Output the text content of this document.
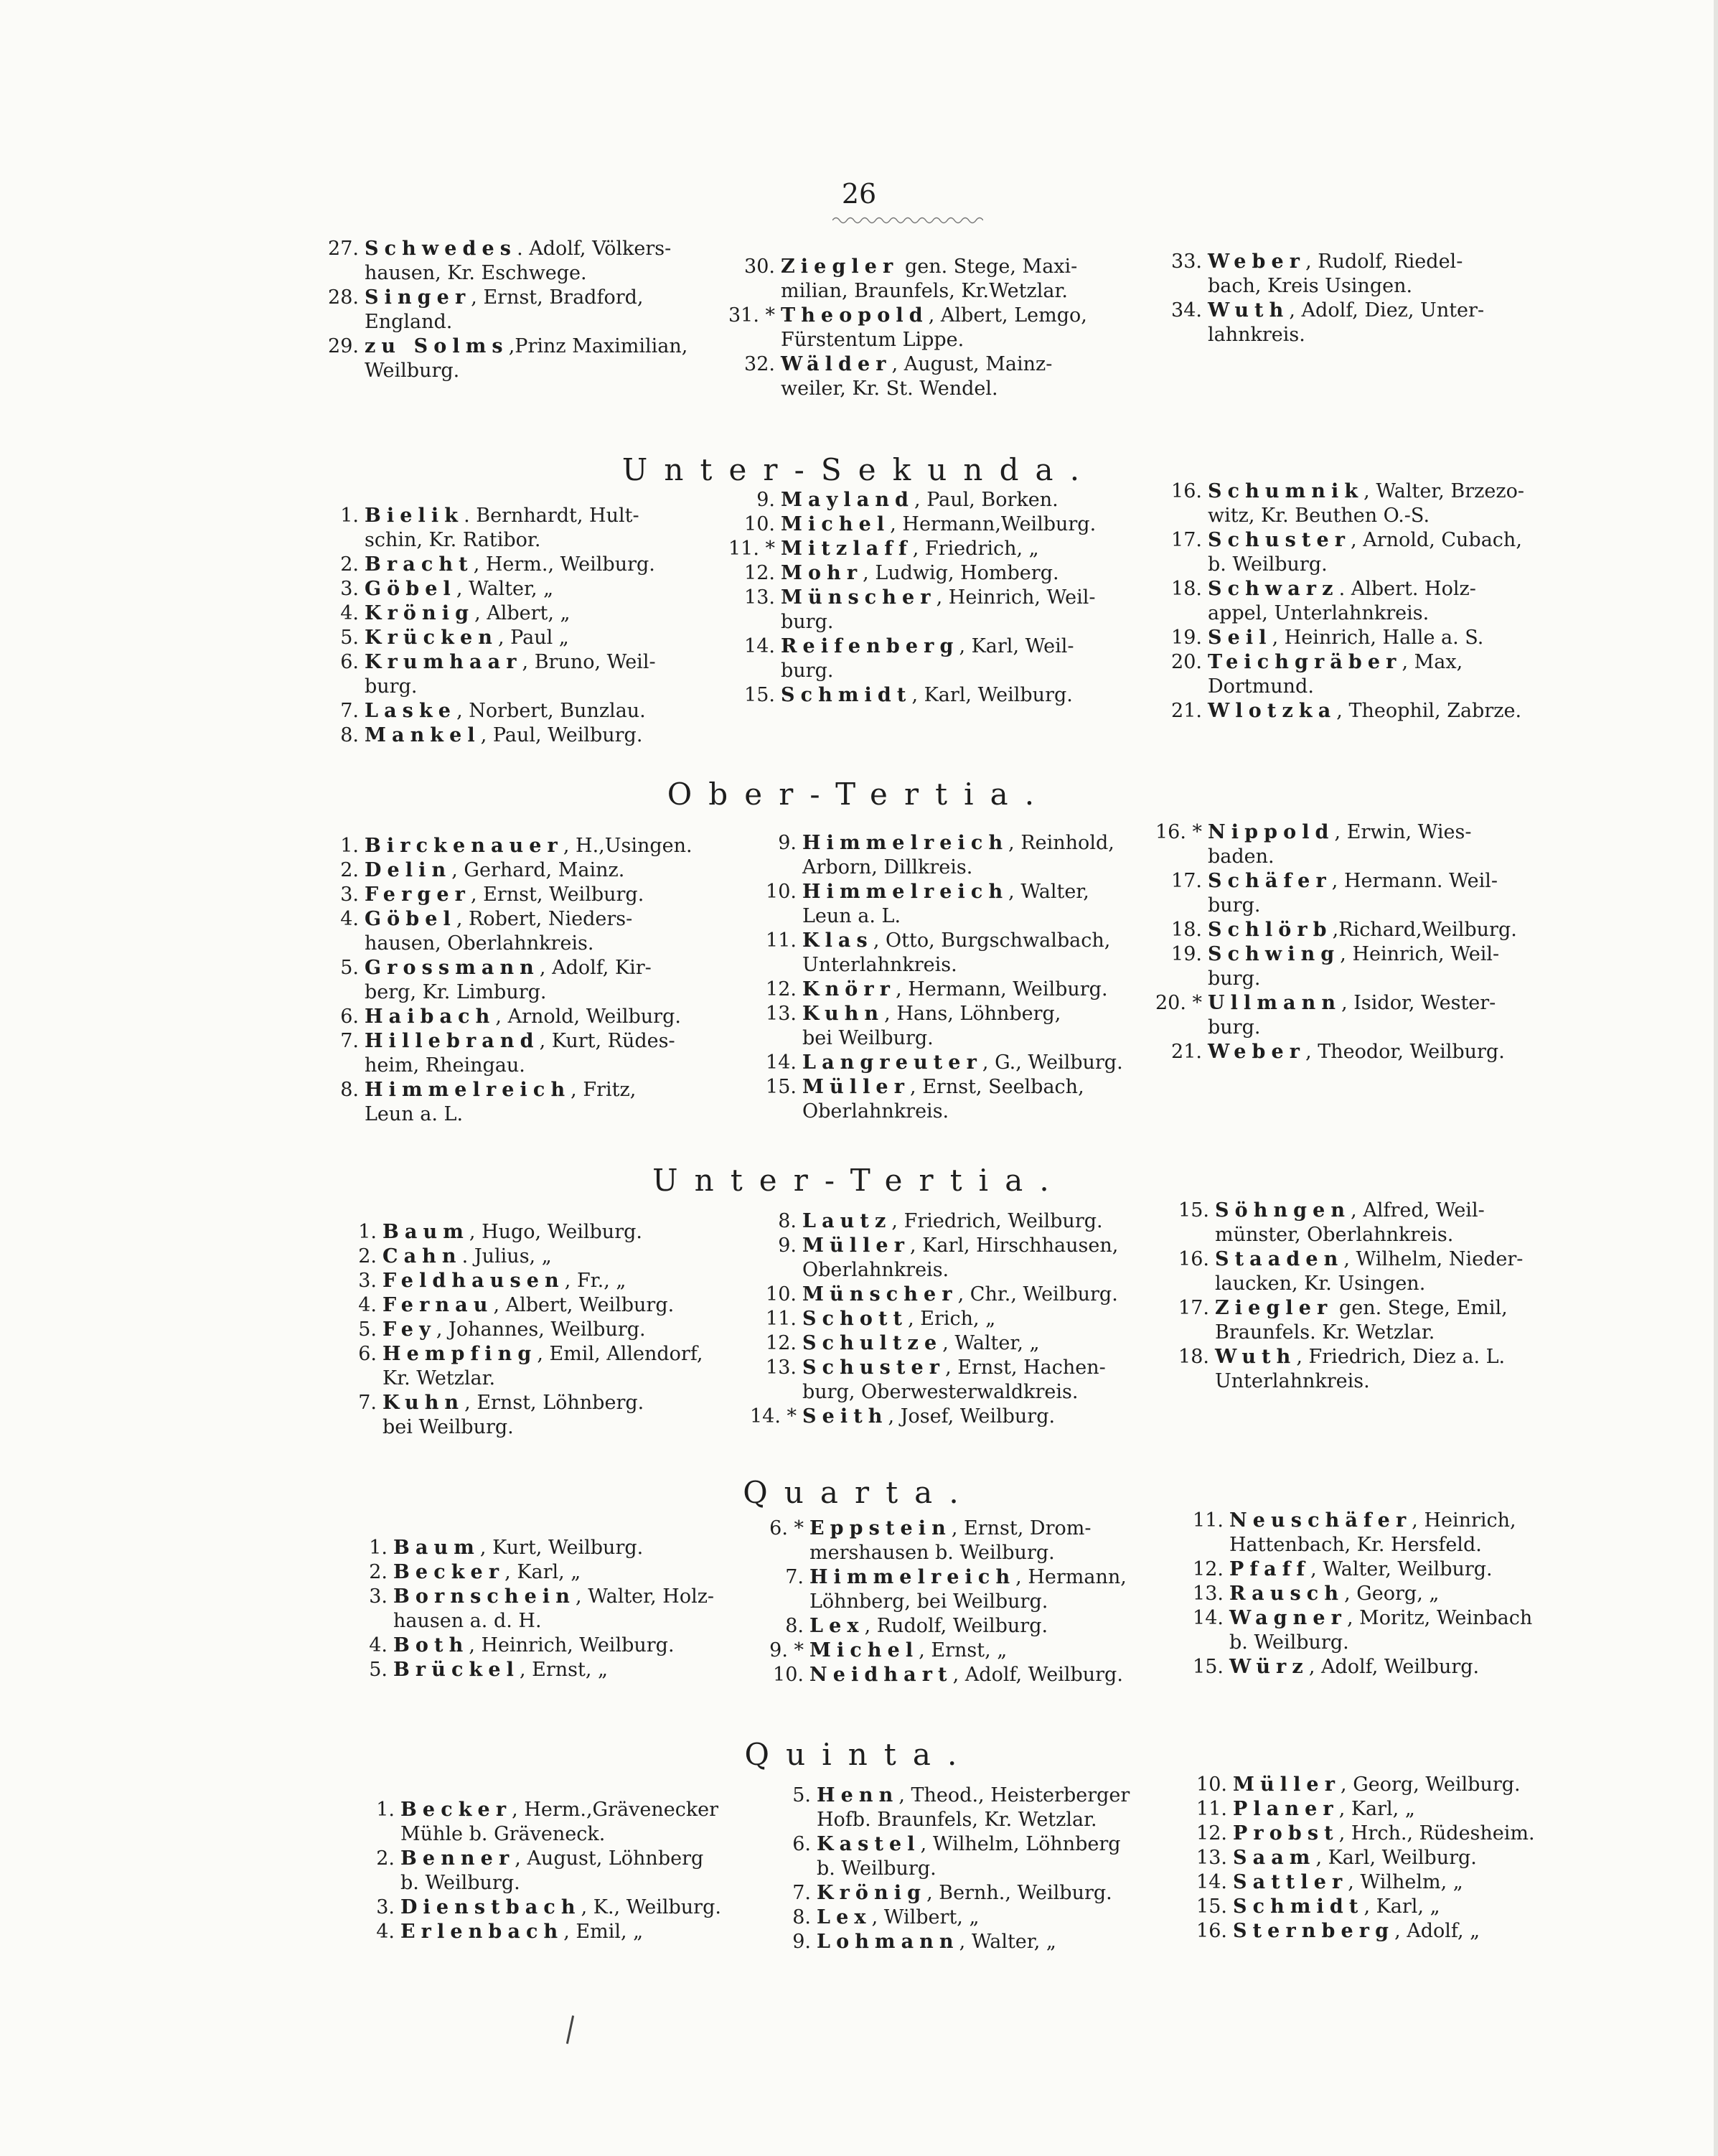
26
27. Schwedes. Adolf, Völkers-
hausen, Kr. Eschwege.
28. Singer, Ernst, Bradford,
England.
29. zu Solms,Prinz Maximilian,
Weilburg.
30. Ziegler gen. Stege, Maxi-
milian, Braunfels, Kr.Wetzlar.
31. * Theopold, Albert, Lemgo,
Fürstentum Lippe.
32. Wälder, August, Mainz-
weiler, Kr. St. Wendel.
33. Weber, Rudolf, Riedel-
bach, Kreis Usingen.
34. Wuth, Adolf, Diez, Unter-
lahnkreis.
Unter-Sekunda.
1. Bielik. Bernhardt, Hult-
schin, Kr. Ratibor.
2. Bracht, Herm., Weilburg.
3. Göbel, Walter, „
4. Krönig, Albert, „
5. Krücken, Paul „
6. Krumhaar, Bruno, Weil-
burg.
7. Laske, Norbert, Bunzlau.
8. Mankel, Paul, Weilburg.
9. Mayland, Paul, Borken.
10. Michel, Hermann,Weilburg.
11. * Mitzlaff, Friedrich, „
12. Mohr, Ludwig, Homberg.
13. Münscher, Heinrich, Weil-
burg.
14. Reifenberg, Karl, Weil-
burg.
15. Schmidt, Karl, Weilburg.
16. Schumnik, Walter, Brzezo-
witz, Kr. Beuthen O.-S.
17. Schuster, Arnold, Cubach,
b. Weilburg.
18. Schwarz. Albert. Holz-
appel, Unterlahnkreis.
19. Seil, Heinrich, Halle a. S.
20. Teichgräber, Max,
Dortmund.
21. Wlotzka, Theophil, Zabrze.
Ober-Tertia.
1. Birckenauer, H.,Usingen.
2. Delin, Gerhard, Mainz.
3. Ferger, Ernst, Weilburg.
4. Göbel, Robert, Nieders-
hausen, Oberlahnkreis.
5. Grossmann, Adolf, Kir-
berg, Kr. Limburg.
6. Haibach, Arnold, Weilburg.
7. Hillebrand, Kurt, Rüdes-
heim, Rheingau.
8. Himmelreich, Fritz,
Leun a. L.
9. Himmelreich, Reinhold,
Arborn, Dillkreis.
10. Himmelreich, Walter,
Leun a. L.
11. Klas, Otto, Burgschwalbach,
Unterlahnkreis.
12. Knörr, Hermann, Weilburg.
13. Kuhn, Hans, Löhnberg,
bei Weilburg.
14. Langreuter, G., Weilburg.
15. Müller, Ernst, Seelbach,
Oberlahnkreis.
16. * Nippold, Erwin, Wies-
baden.
17. Schäfer, Hermann. Weil-
burg.
18. Schlörb,Richard,Weilburg.
19. Schwing, Heinrich, Weil-
burg.
20. * Ullmann, Isidor, Wester-
burg.
21. Weber, Theodor, Weilburg.
Unter-Tertia.
1. Baum, Hugo, Weilburg.
2. Cahn. Julius, „
3. Feldhausen, Fr., „
4. Fernau, Albert, Weilburg.
5. Fey, Johannes, Weilburg.
6. Hempfing, Emil, Allendorf,
Kr. Wetzlar.
7. Kuhn, Ernst, Löhnberg.
bei Weilburg.
8. Lautz, Friedrich, Weilburg.
9. Müller, Karl, Hirschhausen,
Oberlahnkreis.
10. Münscher, Chr., Weilburg.
11. Schott, Erich, „
12. Schultze, Walter, „
13. Schuster, Ernst, Hachen-
burg, Oberwesterwaldkreis.
14. * Seith, Josef, Weilburg.
15. Söhngen, Alfred, Weil-
münster, Oberlahnkreis.
16. Staaden, Wilhelm, Nieder-
laucken, Kr. Usingen.
17. Ziegler gen. Stege, Emil,
Braunfels. Kr. Wetzlar.
18. Wuth, Friedrich, Diez a. L.
Unterlahnkreis.
Quarta.
1. Baum, Kurt, Weilburg.
2. Becker, Karl, „
3. Bornschein, Walter, Holz-
hausen a. d. H.
4. Both, Heinrich, Weilburg.
5. Brückel, Ernst, „
6. * Eppstein, Ernst, Drom-
mershausen b. Weilburg.
7. Himmelreich, Hermann,
Löhnberg, bei Weilburg.
8. Lex, Rudolf, Weilburg.
9. * Michel, Ernst, „
10. Neidhart, Adolf, Weilburg.
11. Neuschäfer, Heinrich,
Hattenbach, Kr. Hersfeld.
12. Pfaff, Walter, Weilburg.
13. Rausch, Georg, „
14. Wagner, Moritz, Weinbach
b. Weilburg.
15. Würz, Adolf, Weilburg.
Quinta.
1. Becker, Herm.,Grävenecker
Mühle b. Gräveneck.
2. Benner, August, Löhnberg
b. Weilburg.
3. Dienstbach, K., Weilburg.
4. Erlenbach, Emil, „
5. Henn, Theod., Heisterberger
Hofb. Braunfels, Kr. Wetzlar.
6. Kastel, Wilhelm, Löhnberg
b. Weilburg.
7. Krönig, Bernh., Weilburg.
8. Lex, Wilbert, „
9. Lohmann, Walter, „
10. Müller, Georg, Weilburg.
11. Planer, Karl, „
12. Probst, Hrch., Rüdesheim.
13. Saam, Karl, Weilburg.
14. Sattler, Wilhelm, „
15. Schmidt, Karl, „
16. Sternberg, Adolf, „
